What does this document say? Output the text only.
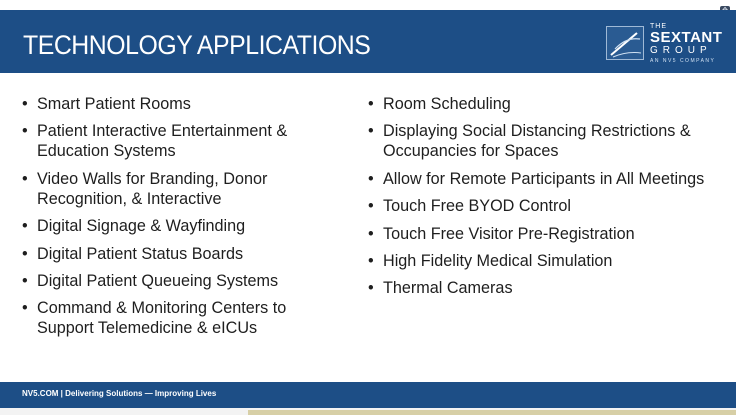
TECHNOLOGY APPLICATIONS
THE
SEXTANT
GROUP
AN NV5 COMPANY
• Smart Patient Rooms
• Patient Interactive Entertainment & Education Systems
• Video Walls for Branding, Donor Recognition, & Interactive
• Digital Signage & Wayfinding
• Digital Patient Status Boards
• Digital Patient Queueing Systems
• Command & Monitoring Centers to Support Telemedicine & eICUs
• Room Scheduling
• Displaying Social Distancing Restrictions & Occupancies for Spaces
• Allow for Remote Participants in All Meetings
• Touch Free BYOD Control
• Touch Free Visitor Pre-Registration
• High Fidelity Medical Simulation
• Thermal Cameras
NV5.COM | Delivering Solutions — Improving Lives
